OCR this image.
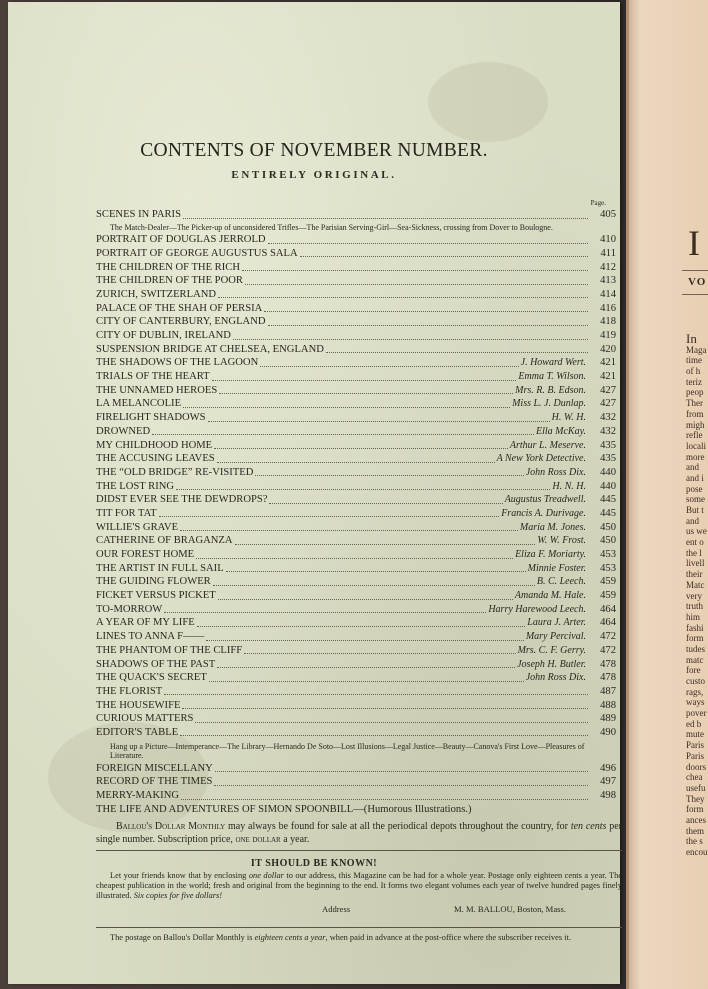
I
VO
In
Maga
time
of h
teriz
peop
Ther
from
migh
refle
locali
more
and
and i
pose
some
But t
and
us we
ent o
the l
livell
their
Matc
very
truth
him
fashi
form
tudes
matc
fore
custo
rags,
ways
pover
ed b
mute
Paris
Paris
doors
chea
usefu
They
form
ances
them
the s
encou
CONTENTS OF NOVEMBER NUMBER.
ENTIRELY ORIGINAL.
Page.
SCENES IN PARIS	405
The Match-Dealer—The Picker-up of unconsidered Trifles—The Parisian Serving-Girl—Sea-Sickness, crossing from Dover to Boulogne.
PORTRAIT OF DOUGLAS JERROLD	410
PORTRAIT OF GEORGE AUGUSTUS SALA	411
THE CHILDREN OF THE RICH	412
THE CHILDREN OF THE POOR	413
ZURICH, SWITZERLAND	414
PALACE OF THE SHAH OF PERSIA	416
CITY OF CANTERBURY, ENGLAND	418
CITY OF DUBLIN, IRELAND	419
SUSPENSION BRIDGE AT CHELSEA, ENGLAND	420
THE SHADOWS OF THE LAGOON	J. Howard Wert.	421
TRIALS OF THE HEART	Emma T. Wilson.	421
THE UNNAMED HEROES	Mrs. R. B. Edson.	427
LA MELANCOLIE	Miss L. J. Dunlap.	427
FIRELIGHT SHADOWS	H. W. H.	432
DROWNED	Ella McKay.	432
MY CHILDHOOD HOME	Arthur L. Meserve.	435
THE ACCUSING LEAVES	A New York Detective.	435
THE “OLD BRIDGE” RE-VISITED	John Ross Dix.	440
THE LOST RING	H. N. H.	440
DIDST EVER SEE THE DEWDROPS?	Augustus Treadwell.	445
TIT FOR TAT	Francis A. Durivage.	445
WILLIE'S GRAVE	Maria M. Jones.	450
CATHERINE OF BRAGANZA	W. W. Frost.	450
OUR FOREST HOME	Eliza F. Moriarty.	453
THE ARTIST IN FULL SAIL	Minnie Foster.	453
THE GUIDING FLOWER	B. C. Leech.	459
FICKET VERSUS PICKET	Amanda M. Hale.	459
TO-MORROW	Harry Harewood Leech.	464
A YEAR OF MY LIFE	Laura J. Arter.	464
LINES TO ANNA F——	Mary Percival.	472
THE PHANTOM OF THE CLIFF	Mrs. C. F. Gerry.	472
SHADOWS OF THE PAST	Joseph H. Butler.	478
THE QUACK'S SECRET	John Ross Dix.	478
THE FLORIST	487
THE HOUSEWIFE	488
CURIOUS MATTERS	489
EDITOR'S TABLE	490
Hang up a Picture—Intemperance—The Library—Hernando De Soto—Lost Illusions—Legal Justice—Beauty—Canova's First Love—Pleasures of Literature.
FOREIGN MISCELLANY	496
RECORD OF THE TIMES	497
MERRY-MAKING	498
THE LIFE AND ADVENTURES OF SIMON SPOONBILL—(Humorous Illustrations.)
Ballou's Dollar Monthly may always be found for sale at all the periodical depots throughout the country, for ten cents per single number. Subscription price, one dollar a year.
IT SHOULD BE KNOWN!
Let your friends know that by enclosing one dollar to our address, this Magazine can be had for a whole year. Postage only eighteen cents a year. The cheapest publication in the world; fresh and original from the beginning to the end. It forms two elegant volumes each year of twelve hundred pages finely illustrated. Six copies for five dollars!
Address	M. M. BALLOU, Boston, Mass.
The postage on Ballou's Dollar Monthly is eighteen cents a year, when paid in advance at the post-office where the subscriber receives it.
